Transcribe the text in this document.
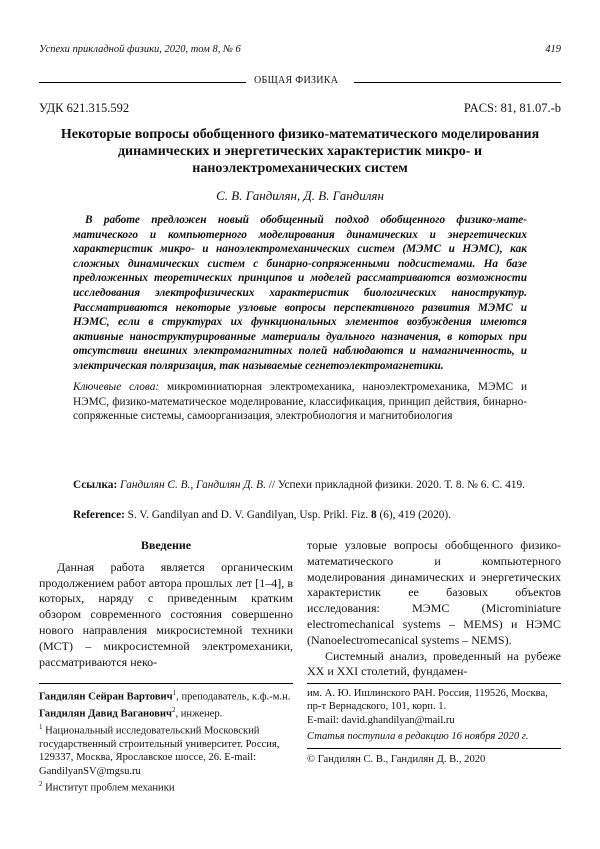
Успехи прикладной физики, 2020, том 8, № 6	419
ОБЩАЯ ФИЗИКА
УДК 621.315.592	PACS: 81, 81.07.-b
Некоторые вопросы обобщенного физико-математического моделирования динамических и энергетических характеристик микро- и наноэлектромеханических систем
С. В. Гандилян, Д. В. Гандилян
В работе предложен новый обобщенный подход обобщенного физико-мате­матического и компьютерного моделирования динамических и энергетиче­ских характеристик микро- и наноэлектромеханических систем (МЭМС и НЭМС), как сложных динамических систем с бинарно-сопряженными подси­стемами. На базе предложенных теоретических принципов и моделей рас­сматриваются возможности исследования электрофизических характери­стик биологических наноструктур. Рассматриваются некоторые узловые вопросы перспективного развития МЭМС и НЭМС, если в структурах их функциональных элементов возбуждения имеются активные нанострукту­рированные материалы дуального назначения, в которых при отсутствии внешних электромагнитных полей наблюдаются и намагниченность, и электрическая поляризация, так называемые сегнетоэлектромагнетики.
Ключевые слова: микроминиатюрная электромеханика, наноэлектромеханика, МЭМС и НЭМС, физико-математическое моделирование, классификация, прин­цип действия, бинарно-сопряженные системы, самоорганизация, электробиоло­гия и магнитобиология
Ссылка: Гандилян С. В., Гандилян Д. В. // Успехи прикладной физики. 2020. Т. 8. № 6. С. 419.
Reference: S. V. Gandilyan and D. V. Gandilyan, Usp. Prikl. Fiz. 8 (6), 419 (2020).
Введение

Данная работа является органическим продолжением работ автора прошлых лет [1–4], в которых, наряду с приведенным кратким обзором современного состояния совершенно нового направления микроси­стемной техники (МСТ) – микросистемной электромеханики, рассматриваются неко-

торые узловые вопросы обобщенного физико-математического и компьютерного моделирования динамических и энергети­ческих характеристик ее базовых объектов исследования: МЭМС (Microminiature electromechanical systems – MEMS) и НЭМС (Nanoelectromecanical systems – NEMS).

Системный анализ, проведенный на рубеже XX и XXI столетий, фундамен-

Гандилян Сейран Вартович1, преподаватель, к.ф.-м.н.
Гандилян Давид Ваганович2, инженер.
1 Национальный исследовательский Московский государственный строительный университет. Россия, 129337, Москва, Ярославское шоссе, 26. E-mail: GandilyanSV@mgsu.ru
2 Институт проблем механики
им. А. Ю. Ишлинского РАН. Россия, 119526, Москва, пр-т Вернадского, 101, корп. 1.
E-mail: david.ghandilyan@mail.ru
Статья поступила в редакцию 16 ноября 2020 г.
© Гандилян С. В., Гандилян Д. В., 2020
